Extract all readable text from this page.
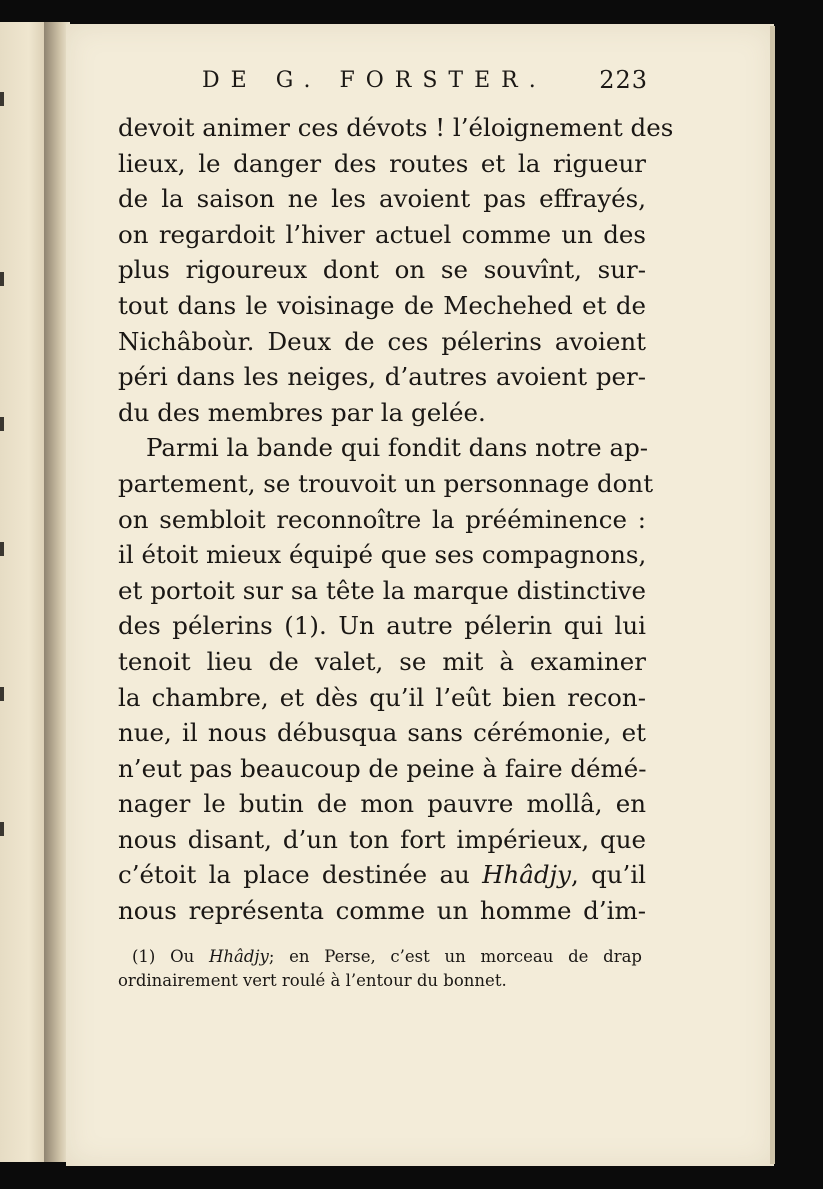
DE G. FORSTER. 223
devoit animer ces dévots ! l’éloignement des
lieux, le danger des routes et la rigueur
de la saison ne les avoient pas effrayés,
on regardoit l’hiver actuel comme un des
plus rigoureux dont on se souvînt, sur-
tout dans le voisinage de Mechehed et de
Nichâboùr. Deux de ces pélerins avoient
péri dans les neiges, d’autres avoient per-
du des membres par la gelée.
Parmi la bande qui fondit dans notre ap-
partement, se trouvoit un personnage dont
on sembloit reconnoître la prééminence :
il étoit mieux équipé que ses compagnons,
et portoit sur sa tête la marque distinctive
des pélerins (1). Un autre pélerin qui lui
tenoit lieu de valet, se mit à examiner
la chambre, et dès qu’il l’eût bien recon-
nue, il nous débusqua sans cérémonie, et
n’eut pas beaucoup de peine à faire démé-
nager le butin de mon pauvre mollâ, en
nous disant, d’un ton fort impérieux, que
c’étoit la place destinée au Hhâdjy, qu’il
nous représenta comme un homme d’im-
(1) Ou Hhâdjy; en Perse, c’est un morceau de drap
ordinairement vert roulé à l’entour du bonnet.
